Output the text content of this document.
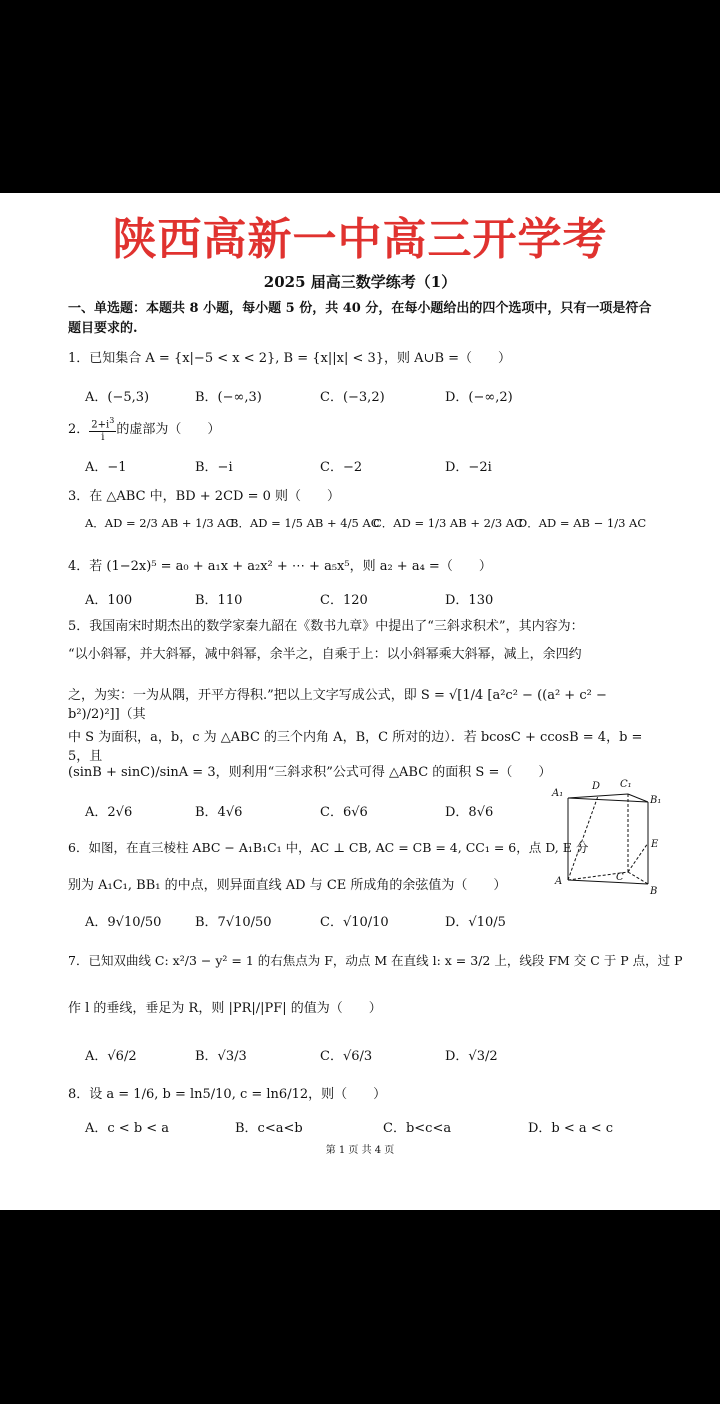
陕西高新一中高三开学考
2025 届高三数学练考（1）
一、单选题：本题共 8 小题，每小题 5 份，共 40 分，在每小题给出的四个选项中，只有一项是符合题目要求的.
1．已知集合 A = {x|−5 < x < 2}, B = {x||x| < 3}，则 A∪B =（　　）
A．(−5,3)	B．(−∞,3)	C．(−3,2)	D．(−∞,2)
2． $\frac{2+i^3}{i}$ 的虚部为（　　）
A．−1	B．−i	C．−2	D．−2i
3．在 △ABC 中，BD + 2CD = 0 则（　　）
A．AD = 2/3 AB + 1/3 AC
B．AD = 1/5 AB + 4/5 AC
C．AD = 1/3 AB + 2/3 AC
D．AD = AB − 1/3 AC
4．若 (1−2x)⁵ = a₀ + a₁x + a₂x² + ⋯ + a₅x⁵，则 a₂ + a₄ =（　　）
A．100	B．110	C．120	D．130
5．我国南宋时期杰出的数学家秦九韶在《数书九章》中提出了“三斜求积术”，其内容为：
“以小斜幂，并大斜幂，减中斜幂，余半之，自乘于上：以小斜幂乘大斜幂，减上，余四约
之，为实：一为从隅，开平方得积.”把以上文字写成公式，即 S = √[1/4 [a²c² − ((a² + c² − b²)/2)²]]（其
中 S 为面积，a，b，c 为 △ABC 的三个内角 A，B，C 所对的边）．若 bcosC + ccosB = 4，b = 5，且
(sinB + sinC)/sinA = 3，则利用“三斜求积”公式可得 △ABC 的面积 S =（　　）
A．2√6	B．4√6	C．6√6	D．8√6
6．如图，在直三棱柱 ABC − A₁B₁C₁ 中，AC ⊥ CB, AC = CB = 4, CC₁ = 6，点 D, E 分
别为 A₁C₁, BB₁ 的中点，则异面直线 AD 与 CE 所成角的余弦值为（　　）
A．9√10/50	B．7√10/50	C．√10/10	D．√10/5
A₁
D C₁
B₁
E
A	C
B
7．已知双曲线 C: x²/3 − y² = 1 的右焦点为 F，动点 M 在直线 l: x = 3/2 上，线段 FM 交 C 于 P 点，过 P
作 l 的垂线，垂足为 R，则 |PR|/|PF| 的值为（　　）
A．√6/2	B．√3/3	C．√6/3	D．√3/2
8．设 a = 1/6, b = ln5/10, c = ln6/12，则（　　）
A．c < b < a	B．c<a<b	C．b<c<a	D．b < a < c
第 1 页 共 4 页
